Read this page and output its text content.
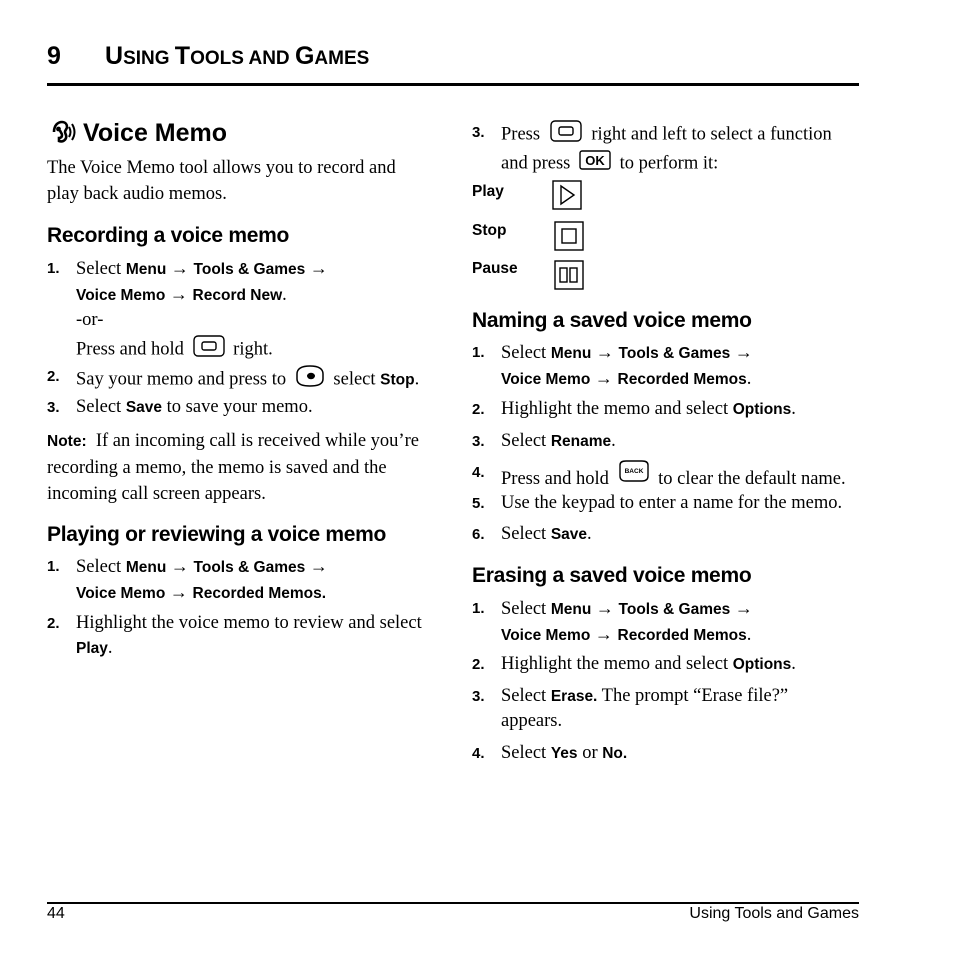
9 USING TOOLS AND GAMES
Voice Memo
The Voice Memo tool allows you to record and
play back audio memos.
Recording a voice memo
1. Select Menu → Tools & Games →
Voice Memo → Record New.
-or-
Press and hold	right.
2. Say your memo and press to	select Stop.
3. Select Save to save your memo.
Note: If an incoming call is received while you’re
recording a memo, the memo is saved and the
incoming call screen appears.
Playing or reviewing a voice memo
1. Select Menu → Tools & Games →
Voice Memo → Recorded Memos.
2. Highlight the voice memo to review and select
Play.
3. Press	right and left to select a function
and press OK to perform it:
Play
Stop
Pause
Naming a saved voice memo
1. Select Menu → Tools & Games →
Voice Memo → Recorded Memos.
2. Highlight the memo and select Options.
3. Select Rename.
4. Press and hold BACK to clear the default name.
5. Use the keypad to enter a name for the memo.
6. Select Save.
Erasing a saved voice memo
1. Select Menu → Tools & Games →
Voice Memo → Recorded Memos.
2. Highlight the memo and select Options.
3. Select Erase. The prompt “Erase file?”
appears.
4. Select Yes or No.
44	Using Tools and Games
